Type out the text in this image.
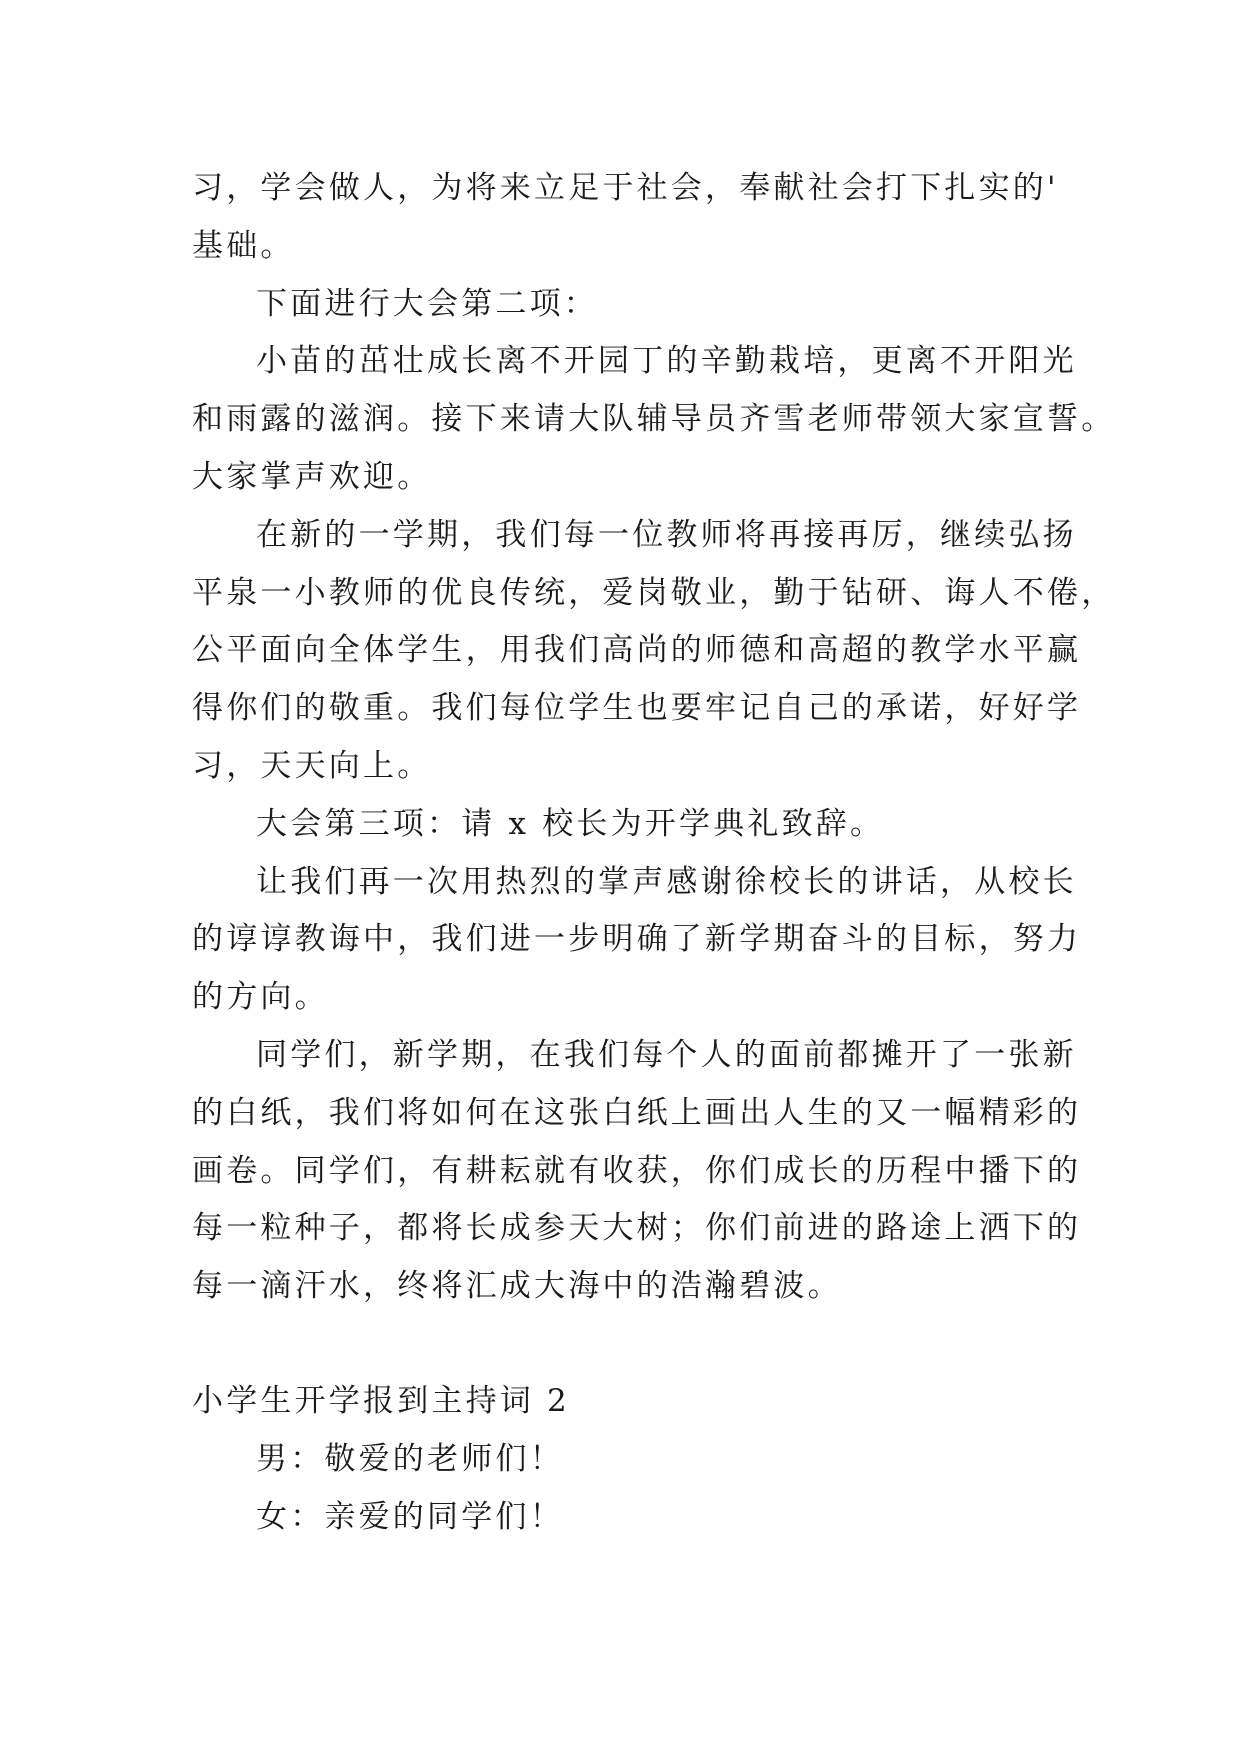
习，学会做人，为将来立足于社会，奉献社会打下扎实的'
基础。
下面进行大会第二项：
小苗的茁壮成长离不开园丁的辛勤栽培，更离不开阳光
和雨露的滋润。接下来请大队辅导员齐雪老师带领大家宣誓。
大家掌声欢迎。
在新的一学期，我们每一位教师将再接再厉，继续弘扬
平泉一小教师的优良传统，爱岗敬业，勤于钻研、诲人不倦，
公平面向全体学生，用我们高尚的师德和高超的教学水平赢
得你们的敬重。我们每位学生也要牢记自己的承诺，好好学
习，天天向上。
大会第三项：请 x 校长为开学典礼致辞。
让我们再一次用热烈的掌声感谢徐校长的讲话，从校长
的谆谆教诲中，我们进一步明确了新学期奋斗的目标，努力
的方向。
同学们，新学期，在我们每个人的面前都摊开了一张新
的白纸，我们将如何在这张白纸上画出人生的又一幅精彩的
画卷。同学们，有耕耘就有收获，你们成长的历程中播下的
每一粒种子，都将长成参天大树；你们前进的路途上洒下的
每一滴汗水，终将汇成大海中的浩瀚碧波。
小学生开学报到主持词 2
男：敬爱的老师们！
女：亲爱的同学们！
